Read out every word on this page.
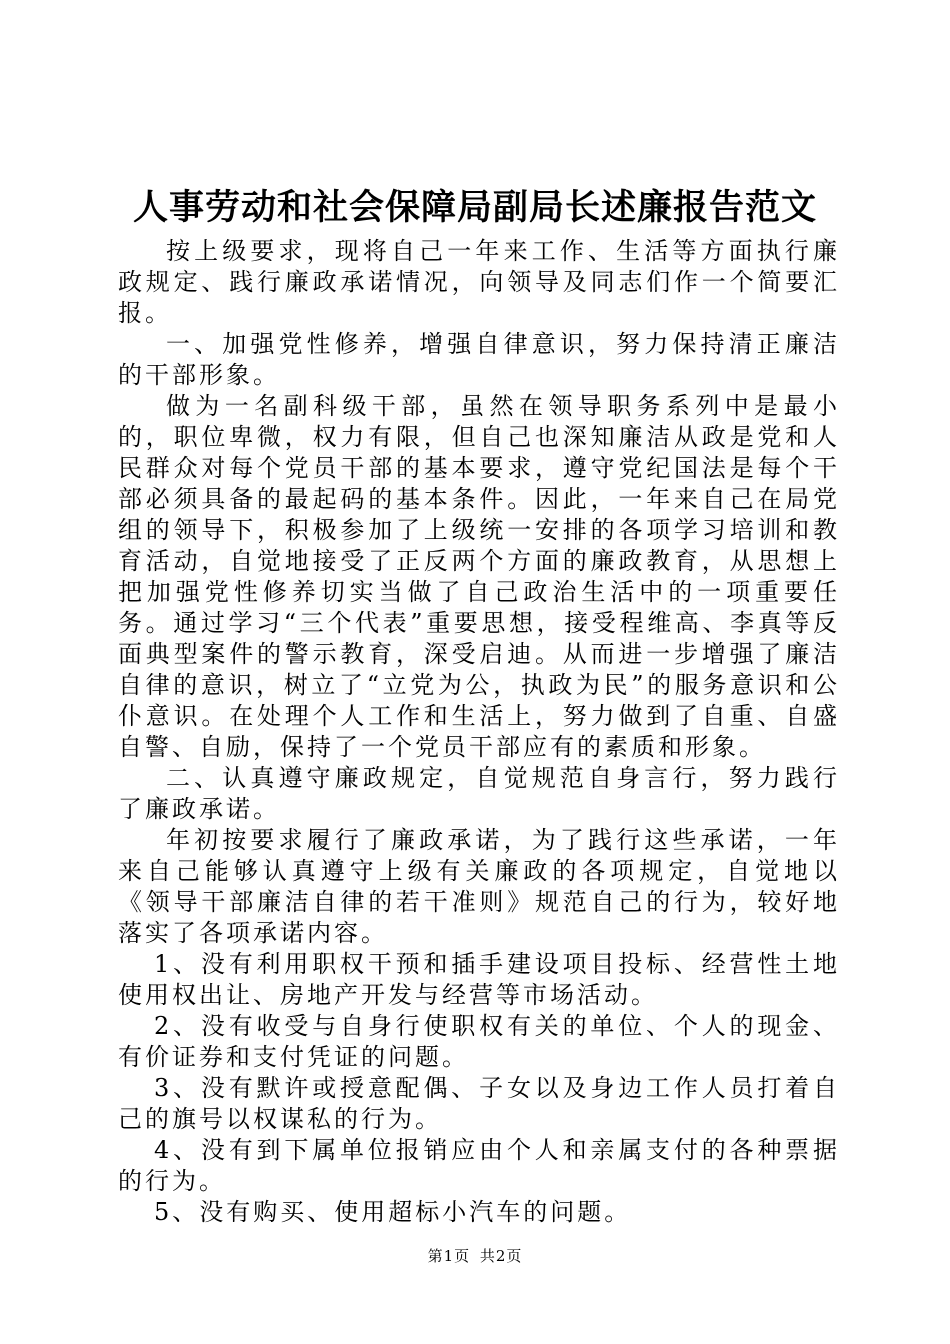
人事劳动和社会保障局副局长述廉报告范文

按上级要求，现将自己一年来工作、生活等方面执行廉政规定、践行廉政承诺情况，向领导及同志们作一个简要汇报。

一、加强党性修养，增强自律意识，努力保持清正廉洁的干部形象。

做为一名副科级干部，虽然在领导职务系列中是最小的，职位卑微，权力有限，但自己也深知廉洁从政是党和人民群众对每个党员干部的基本要求，遵守党纪国法是每个干部必须具备的最起码的基本条件。因此，一年来自己在局党组的领导下，积极参加了上级统一安排的各项学习培训和教育活动，自觉地接受了正反两个方面的廉政教育，从思想上把加强党性修养切实当做了自己政治生活中的一项重要任务。通过学习“三个代表”重要思想，接受程维高、李真等反面典型案件的警示教育，深受启迪。从而进一步增强了廉洁自律的意识，树立了“立党为公，执政为民”的服务意识和公仆意识。在处理个人工作和生活上，努力做到了自重、自盛自警、自励，保持了一个党员干部应有的素质和形象。

二、认真遵守廉政规定，自觉规范自身言行，努力践行了廉政承诺。

年初按要求履行了廉政承诺，为了践行这些承诺，一年来自己能够认真遵守上级有关廉政的各项规定，自觉地以《领导干部廉洁自律的若干准则》规范自己的行为，较好地落实了各项承诺内容。

1、没有利用职权干预和插手建设项目投标、经营性土地使用权出让、房地产开发与经营等市场活动。

2、没有收受与自身行使职权有关的单位、个人的现金、有价证券和支付凭证的问题。

3、没有默许或授意配偶、子女以及身边工作人员打着自己的旗号以权谋私的行为。

4、没有到下属单位报销应由个人和亲属支付的各种票据的行为。

5、没有购买、使用超标小汽车的问题。

第1页 共2页
